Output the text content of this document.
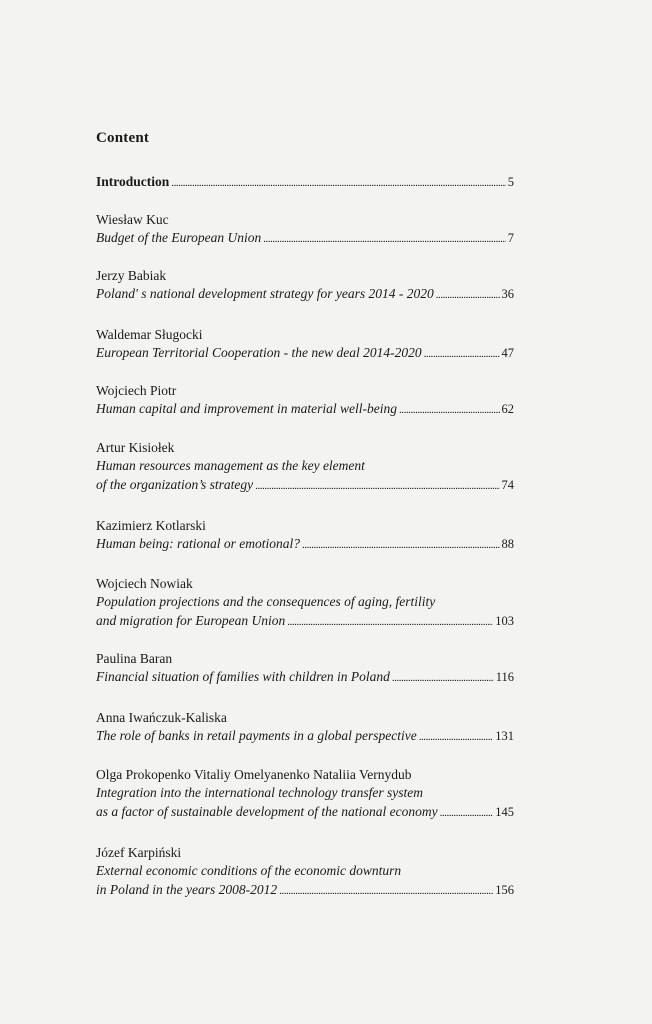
Content
Introduction . . .	5
Wiesław Kuc
Budget of the European Union . . .	7
Jerzy Babiak
Poland' s national development strategy for years 2014 - 2020 . . .	36
Waldemar Sługocki
European Territorial Cooperation - the new deal 2014-2020 . . .	47
Wojciech Piotr
Human capital and improvement in material well-being . . .	62
Artur Kisiołek
Human resources management as the key element
of the organization’s strategy . . .	74
Kazimierz Kotlarski
Human being: rational or emotional? . . .	88
Wojciech Nowiak
Population projections and the consequences of aging, fertility
and migration for European Union . . .	103
Paulina Baran
Financial situation of families with children in Poland . . .	116
Anna Iwańczuk-Kaliska
The role of banks in retail payments in a global perspective . . .	131
Olga Prokopenko Vitaliy Omelyanenko Nataliia Vernydub
Integration into the international technology transfer system
as a factor of sustainable development of the national economy . . .	145
Józef Karpiński
External economic conditions of the economic downturn
in Poland in the years 2008-2012 . . .	156
